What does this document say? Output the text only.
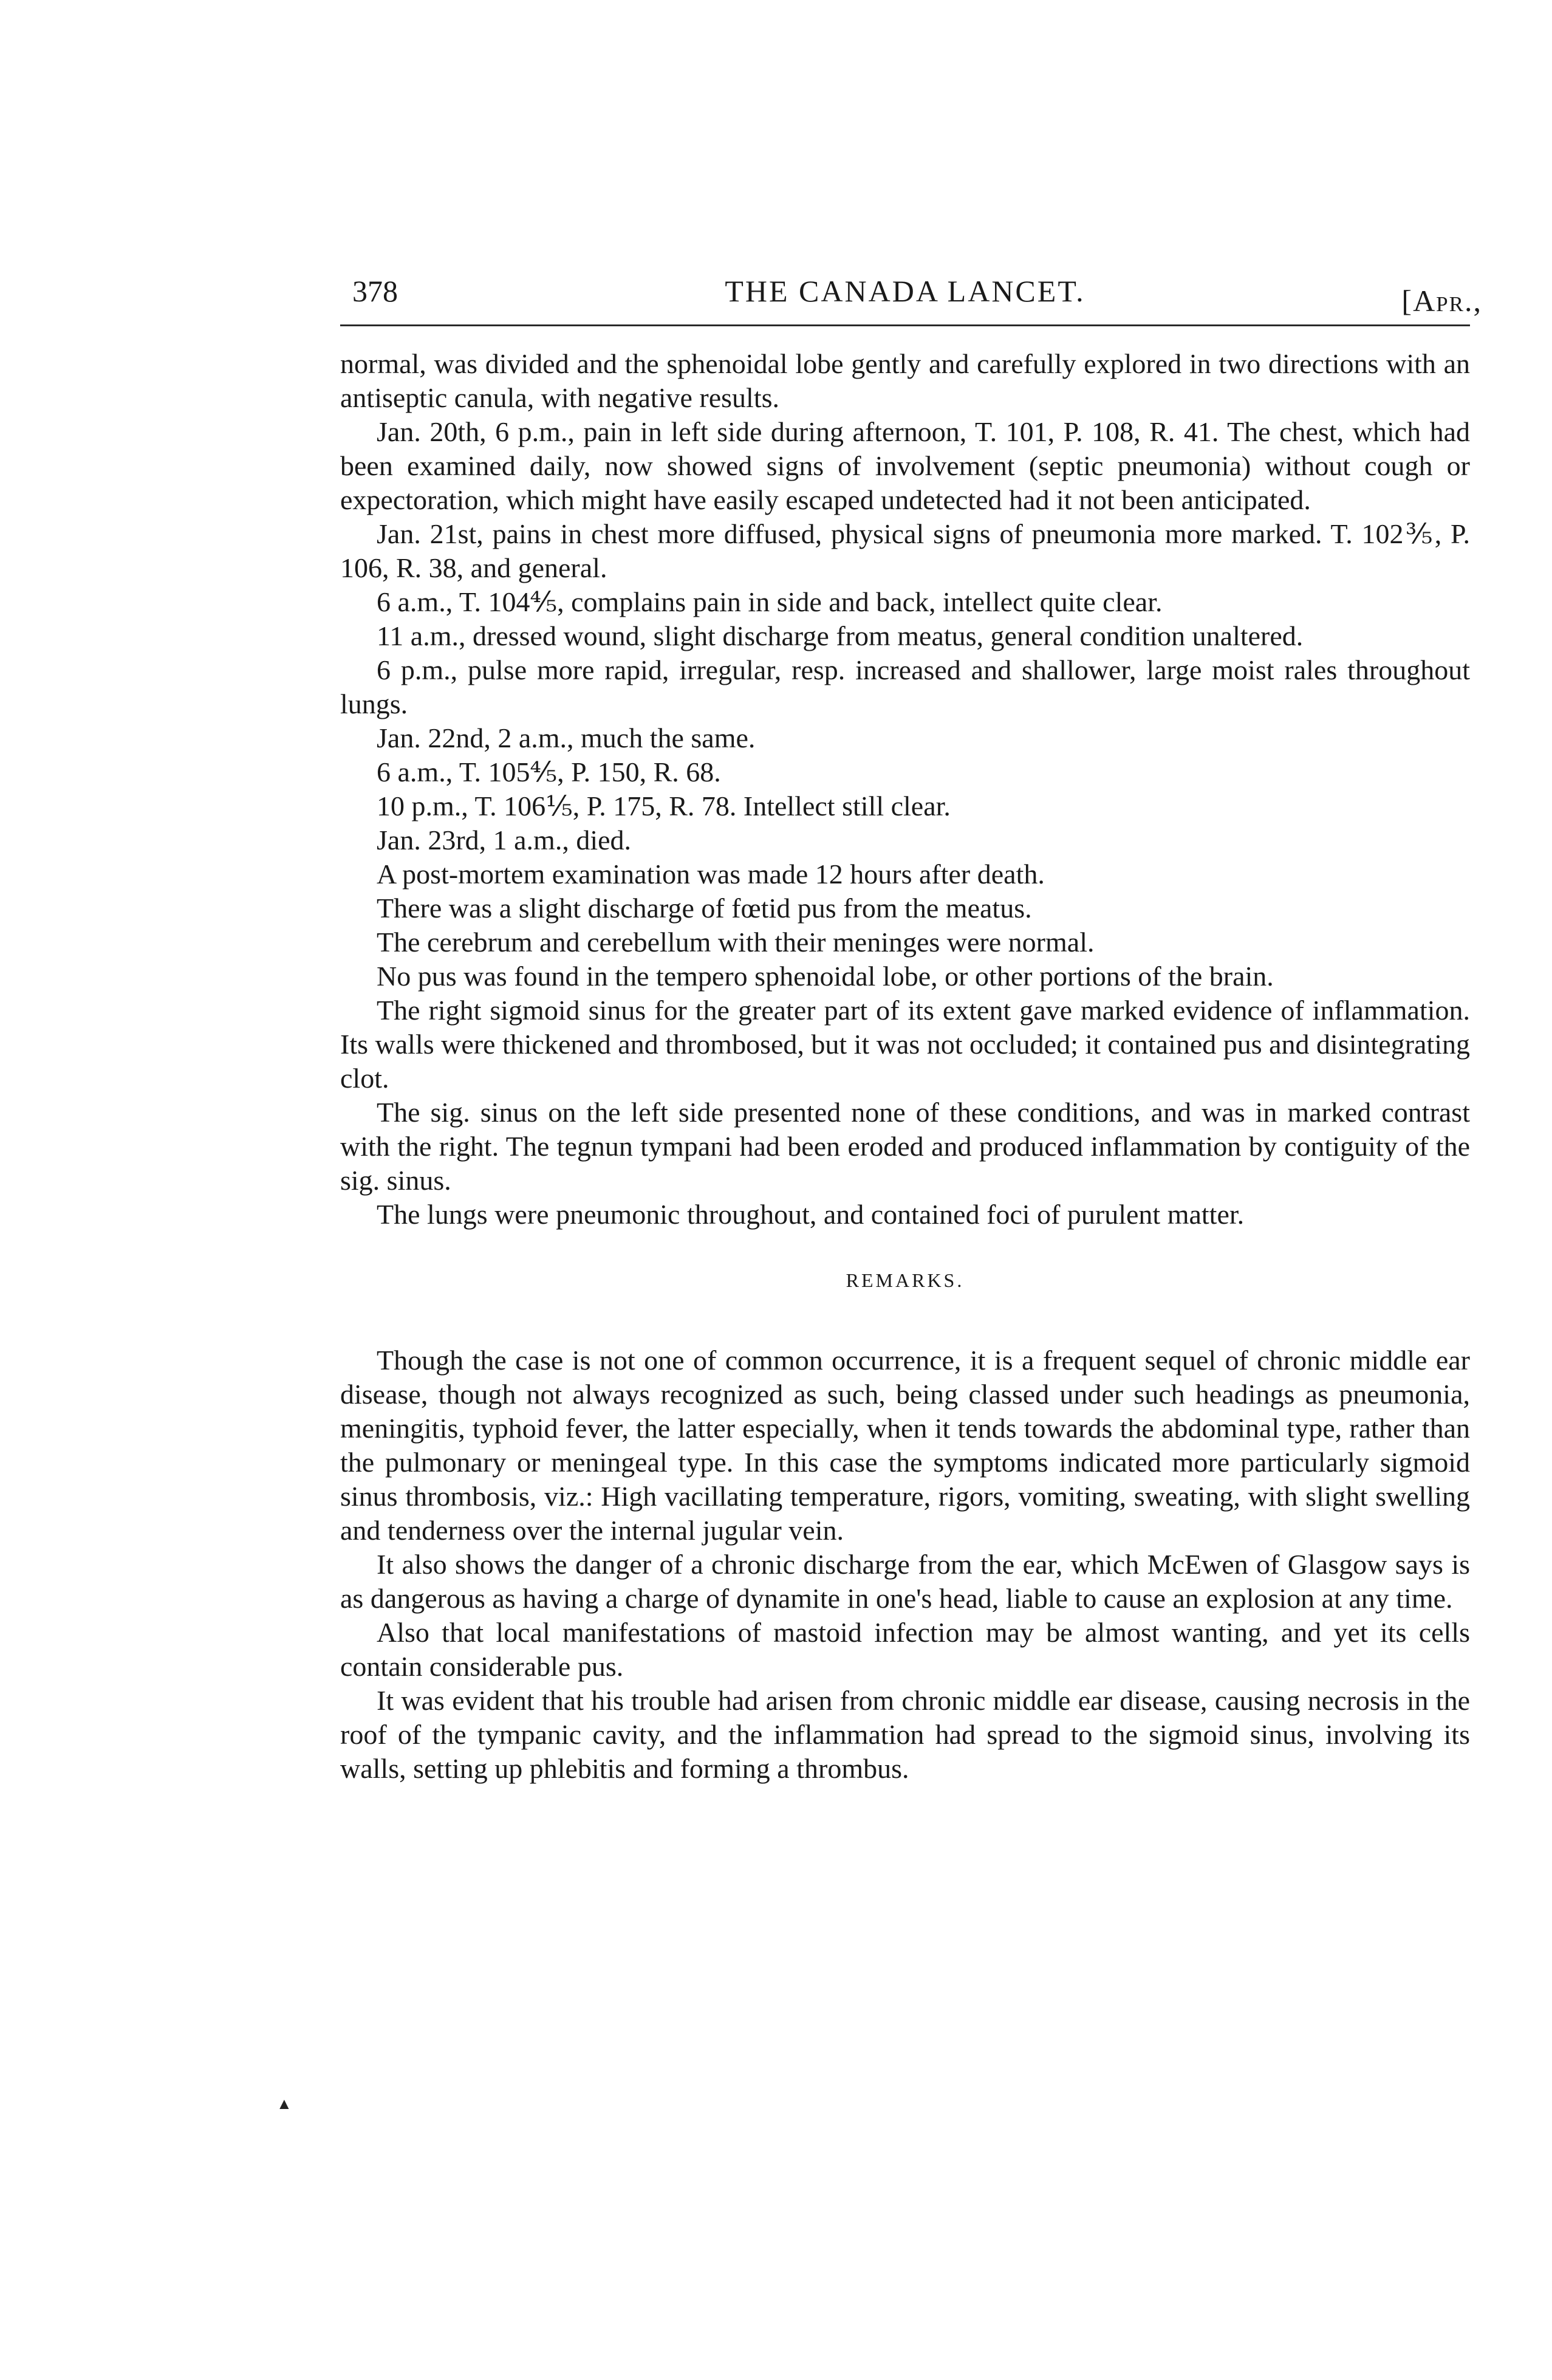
378	THE CANADA LANCET.	[Apr.,

normal, was divided and the sphenoidal lobe gently and carefully explored in two directions with an antiseptic canula, with negative results.

Jan. 20th, 6 p.m., pain in left side during afternoon, T. 101, P. 108, R. 41. The chest, which had been examined daily, now showed signs of involvement (septic pneumonia) without cough or expectoration, which might have easily escaped undetected had it not been anticipated.

Jan. 21st, pains in chest more diffused, physical signs of pneumonia more marked. T. 102⅗, P. 106, R. 38, and general.

6 a.m., T. 104⅘, complains pain in side and back, intellect quite clear.

11 a.m., dressed wound, slight discharge from meatus, general condition unaltered.

6 p.m., pulse more rapid, irregular, resp. increased and shallower, large moist rales throughout lungs.

Jan. 22nd, 2 a.m., much the same.

6 a.m., T. 105⅘, P. 150, R. 68.

10 p.m., T. 106⅕, P. 175, R. 78. Intellect still clear.

Jan. 23rd, 1 a.m., died.

A post-mortem examination was made 12 hours after death.

There was a slight discharge of fœtid pus from the meatus.

The cerebrum and cerebellum with their meninges were normal.

No pus was found in the tempero sphenoidal lobe, or other portions of the brain.

The right sigmoid sinus for the greater part of its extent gave marked evidence of inflammation. Its walls were thickened and thrombosed, but it was not occluded; it contained pus and disintegrating clot.

The sig. sinus on the left side presented none of these conditions, and was in marked contrast with the right. The tegnun tympani had been eroded and produced inflammation by contiguity of the sig. sinus.

The lungs were pneumonic throughout, and contained foci of purulent matter.

REMARKS.

Though the case is not one of common occurrence, it is a frequent sequel of chronic middle ear disease, though not always recognized as such, being classed under such headings as pneumonia, meningitis, typhoid fever, the latter especially, when it tends towards the abdominal type, rather than the pulmonary or meningeal type. In this case the symptoms indicated more particularly sigmoid sinus thrombosis, viz.: High vacillating temperature, rigors, vomiting, sweating, with slight swelling and tenderness over the internal jugular vein.

It also shows the danger of a chronic discharge from the ear, which McEwen of Glasgow says is as dangerous as having a charge of dynamite in one's head, liable to cause an explosion at any time.

Also that local manifestations of mastoid infection may be almost wanting, and yet its cells contain considerable pus.

It was evident that his trouble had arisen from chronic middle ear disease, causing necrosis in the roof of the tympanic cavity, and the inflammation had spread to the sigmoid sinus, involving its walls, setting up phlebitis and forming a thrombus.

▲
